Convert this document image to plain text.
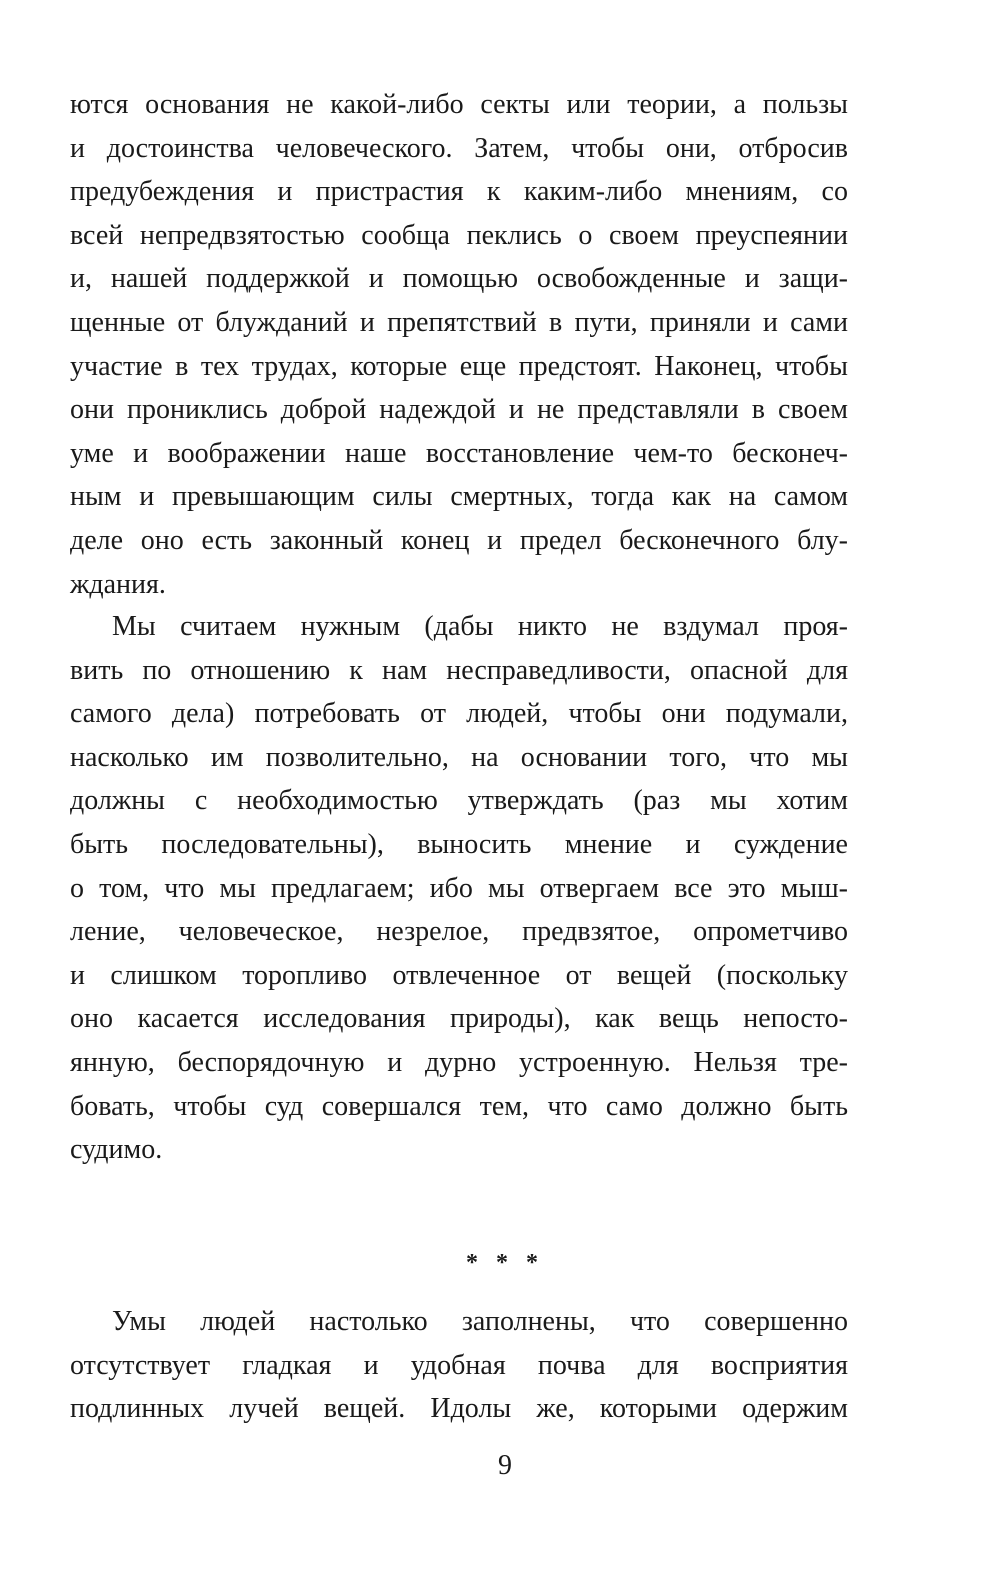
ются основания не какой-либо секты или теории, а пользы
и достоинства человеческого. Затем, чтобы они, отбросив
предубеждения и пристрастия к каким-либо мнениям, со
всей непредвзятостью сообща пеклись о своем преуспеянии
и, нашей поддержкой и помощью освобожденные и защи-
щенные от блужданий и препятствий в пути, приняли и сами
участие в тех трудах, которые еще предстоят. Наконец, чтобы
они прониклись доброй надеждой и не представляли в своем
уме и воображении наше восстановление чем-то бесконеч-
ным и превышающим силы смертных, тогда как на самом
деле оно есть законный конец и предел бесконечного блу-
ждания.
Мы считаем нужным (дабы никто не вздумал проя-
вить по отношению к нам несправедливости, опасной для
самого дела) потребовать от людей, чтобы они подумали,
насколько им позволительно, на основании того, что мы
должны с необходимостью утверждать (раз мы хотим
быть последовательны), выносить мнение и суждение
о том, что мы предлагаем; ибо мы отвергаем все это мыш-
ление, человеческое, незрелое, предвзятое, опрометчиво
и слишком торопливо отвлеченное от вещей (поскольку
оно касается исследования природы), как вещь непосто-
янную, беспорядочную и дурно устроенную. Нельзя тре-
бовать, чтобы суд совершался тем, что само должно быть
судимо.
* * *
Умы людей настолько заполнены, что совершенно
отсутствует гладкая и удобная почва для восприятия
подлинных лучей вещей. Идолы же, которыми одержим
9
